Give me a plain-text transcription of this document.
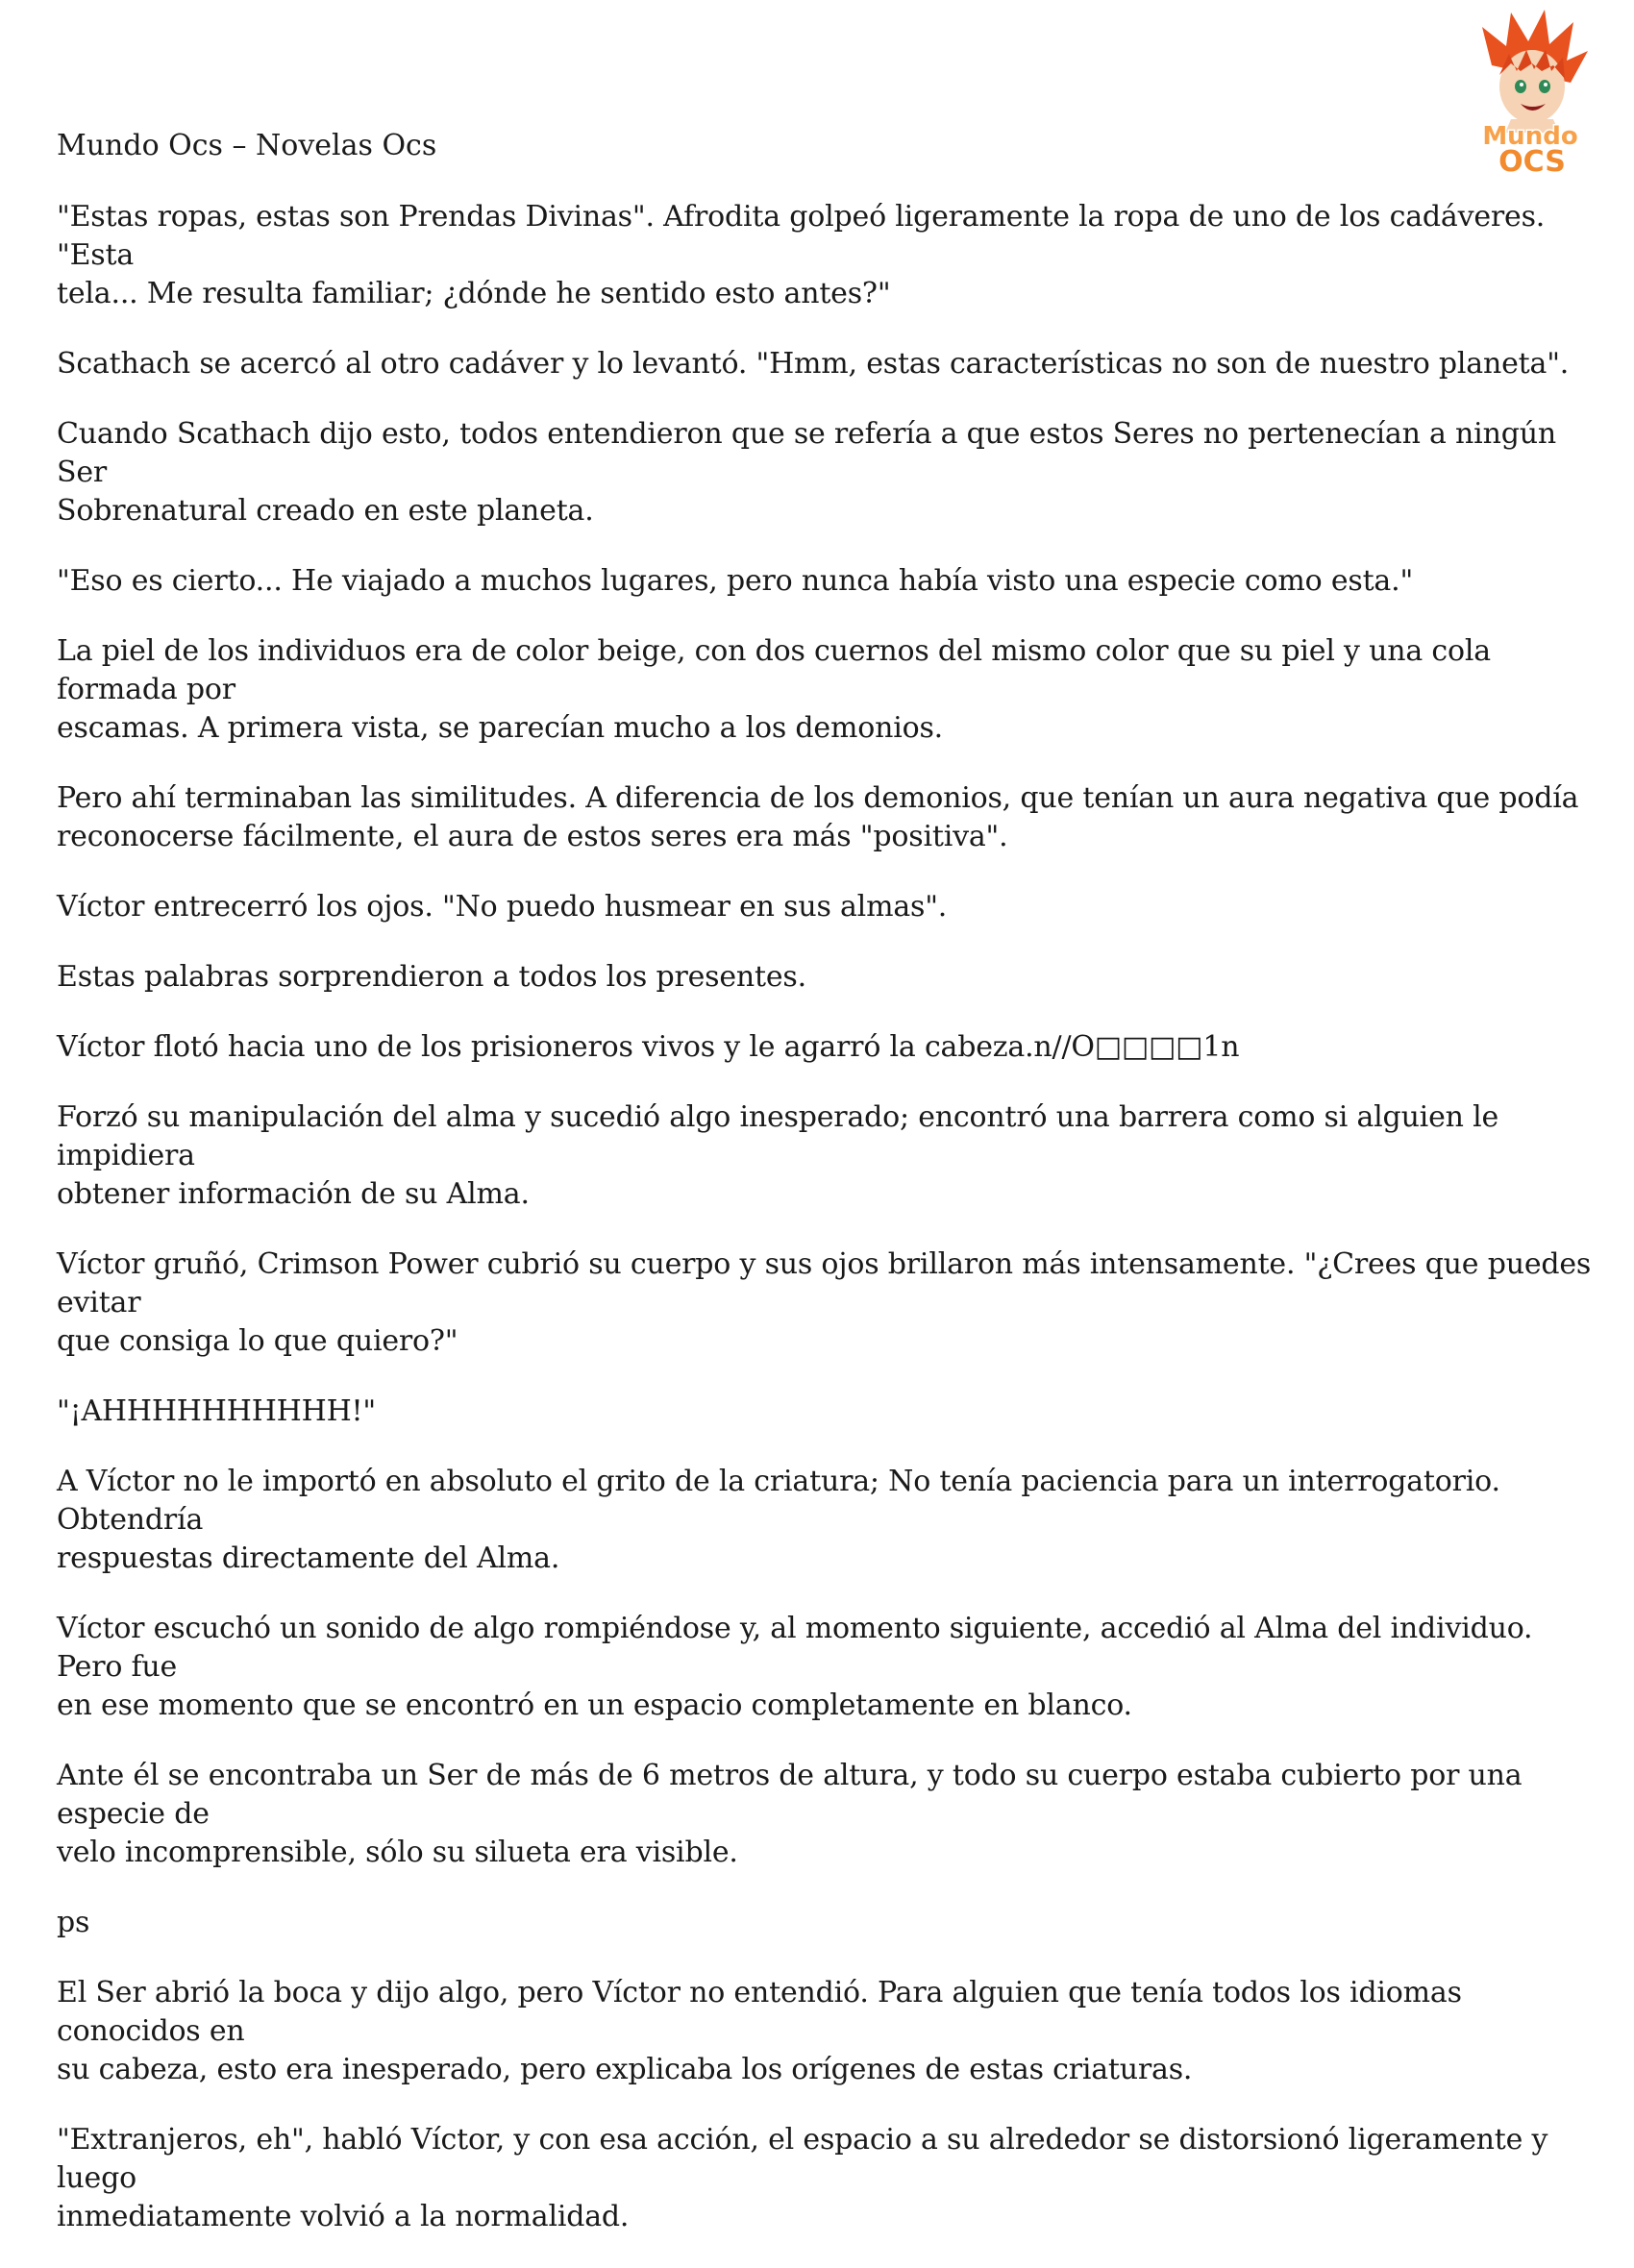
Mundo
OCS

Mundo Ocs – Novelas Ocs

"Estas ropas, estas son Prendas Divinas". Afrodita golpeó ligeramente la ropa de uno de los cadáveres. "Esta
tela... Me resulta familiar; ¿dónde he sentido esto antes?"

Scathach se acercó al otro cadáver y lo levantó. "Hmm, estas características no son de nuestro planeta".

Cuando Scathach dijo esto, todos entendieron que se refería a que estos Seres no pertenecían a ningún Ser
Sobrenatural creado en este planeta.

"Eso es cierto... He viajado a muchos lugares, pero nunca había visto una especie como esta."

La piel de los individuos era de color beige, con dos cuernos del mismo color que su piel y una cola formada por
escamas. A primera vista, se parecían mucho a los demonios.

Pero ahí terminaban las similitudes. A diferencia de los demonios, que tenían un aura negativa que podía
reconocerse fácilmente, el aura de estos seres era más "positiva".

Víctor entrecerró los ojos. "No puedo husmear en sus almas".

Estas palabras sorprendieron a todos los presentes.

Víctor flotó hacia uno de los prisioneros vivos y le agarró la cabeza.n//O□□□□1n

Forzó su manipulación del alma y sucedió algo inesperado; encontró una barrera como si alguien le impidiera
obtener información de su Alma.

Víctor gruñó, Crimson Power cubrió su cuerpo y sus ojos brillaron más intensamente. "¿Crees que puedes evitar
que consiga lo que quiero?"

"¡AHHHHHHHHHH!"

A Víctor no le importó en absoluto el grito de la criatura; No tenía paciencia para un interrogatorio. Obtendría
respuestas directamente del Alma.

Víctor escuchó un sonido de algo rompiéndose y, al momento siguiente, accedió al Alma del individuo. Pero fue
en ese momento que se encontró en un espacio completamente en blanco.

Ante él se encontraba un Ser de más de 6 metros de altura, y todo su cuerpo estaba cubierto por una especie de
velo incomprensible, sólo su silueta era visible.

ps

El Ser abrió la boca y dijo algo, pero Víctor no entendió. Para alguien que tenía todos los idiomas conocidos en
su cabeza, esto era inesperado, pero explicaba los orígenes de estas criaturas.

"Extranjeros, eh", habló Víctor, y con esa acción, el espacio a su alrededor se distorsionó ligeramente y luego
inmediatamente volvió a la normalidad.
